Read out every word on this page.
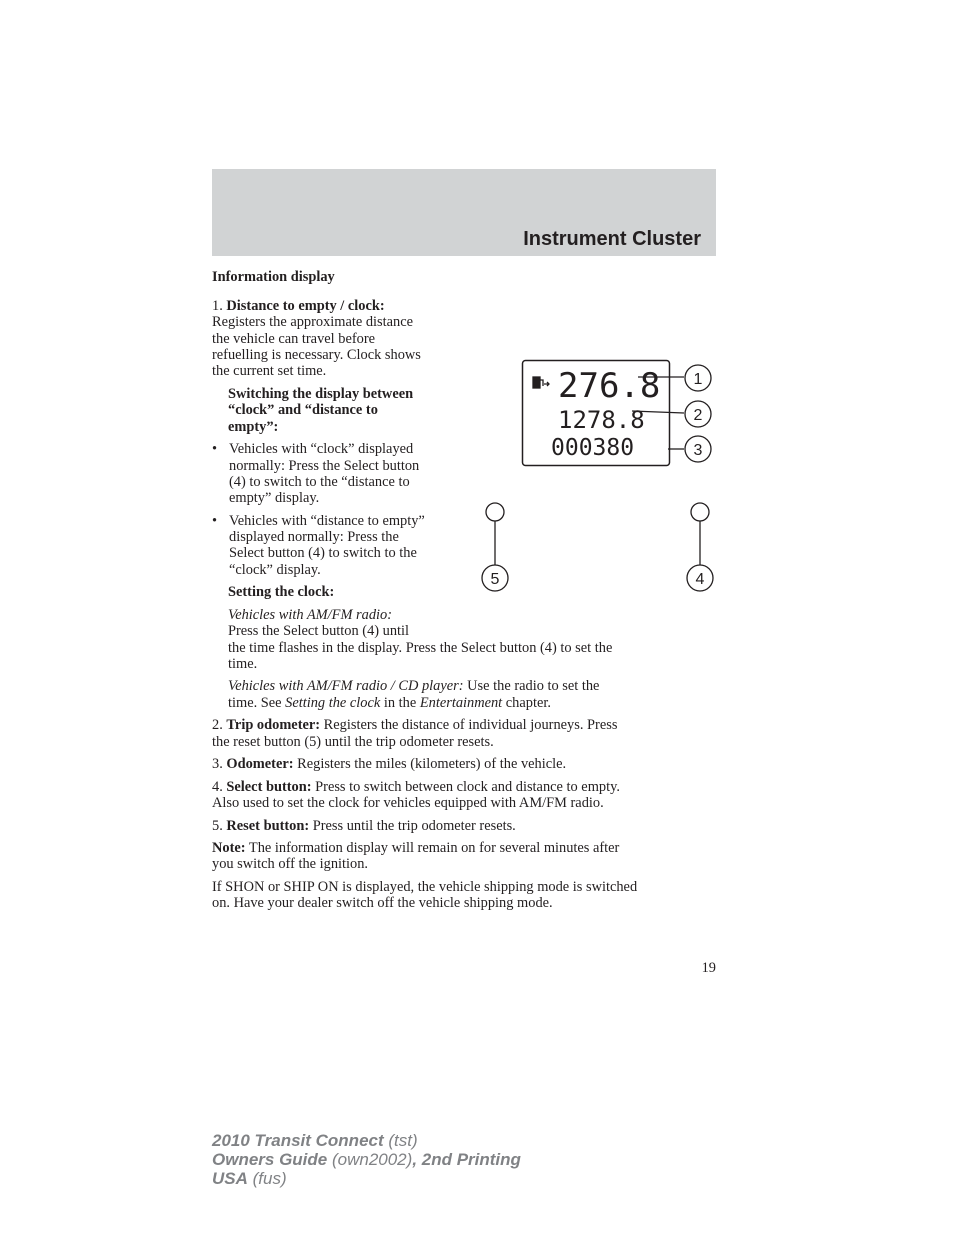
Instrument Cluster

Information display

1. Distance to empty / clock:

Registers the approximate distance

the vehicle can travel before

refuelling is necessary. Clock shows

the current set time.

Switching the display between

“clock” and “distance to

empty”:

• Vehicles with “clock” displayed

normally: Press the Select button

(4) to switch to the “distance to

empty” display.

• Vehicles with “distance to empty”

displayed normally: Press the

Select button (4) to switch to the

“clock” display.

Setting the clock:

Vehicles with AM/FM radio:

Press the Select button (4) until

the time flashes in the display. Press the Select button (4) to set the

time.

Vehicles with AM/FM radio / CD player: Use the radio to set the

time. See Setting the clock in the Entertainment chapter.

2. Trip odometer: Registers the distance of individual journeys. Press

the reset button (5) until the trip odometer resets.

3. Odometer: Registers the miles (kilometers) of the vehicle.

4. Select button: Press to switch between clock and distance to empty.

Also used to set the clock for vehicles equipped with AM/FM radio.

5. Reset button: Press until the trip odometer resets.

Note: The information display will remain on for several minutes after

you switch off the ignition.

If SHON or SHIP ON is displayed, the vehicle shipping mode is switched

on. Have your dealer switch off the vehicle shipping mode.

276.8
1278.8
000380
1
2
3
5	4
19
2010 Transit Connect (tst)
Owners Guide (own2002), 2nd Printing
USA (fus)
